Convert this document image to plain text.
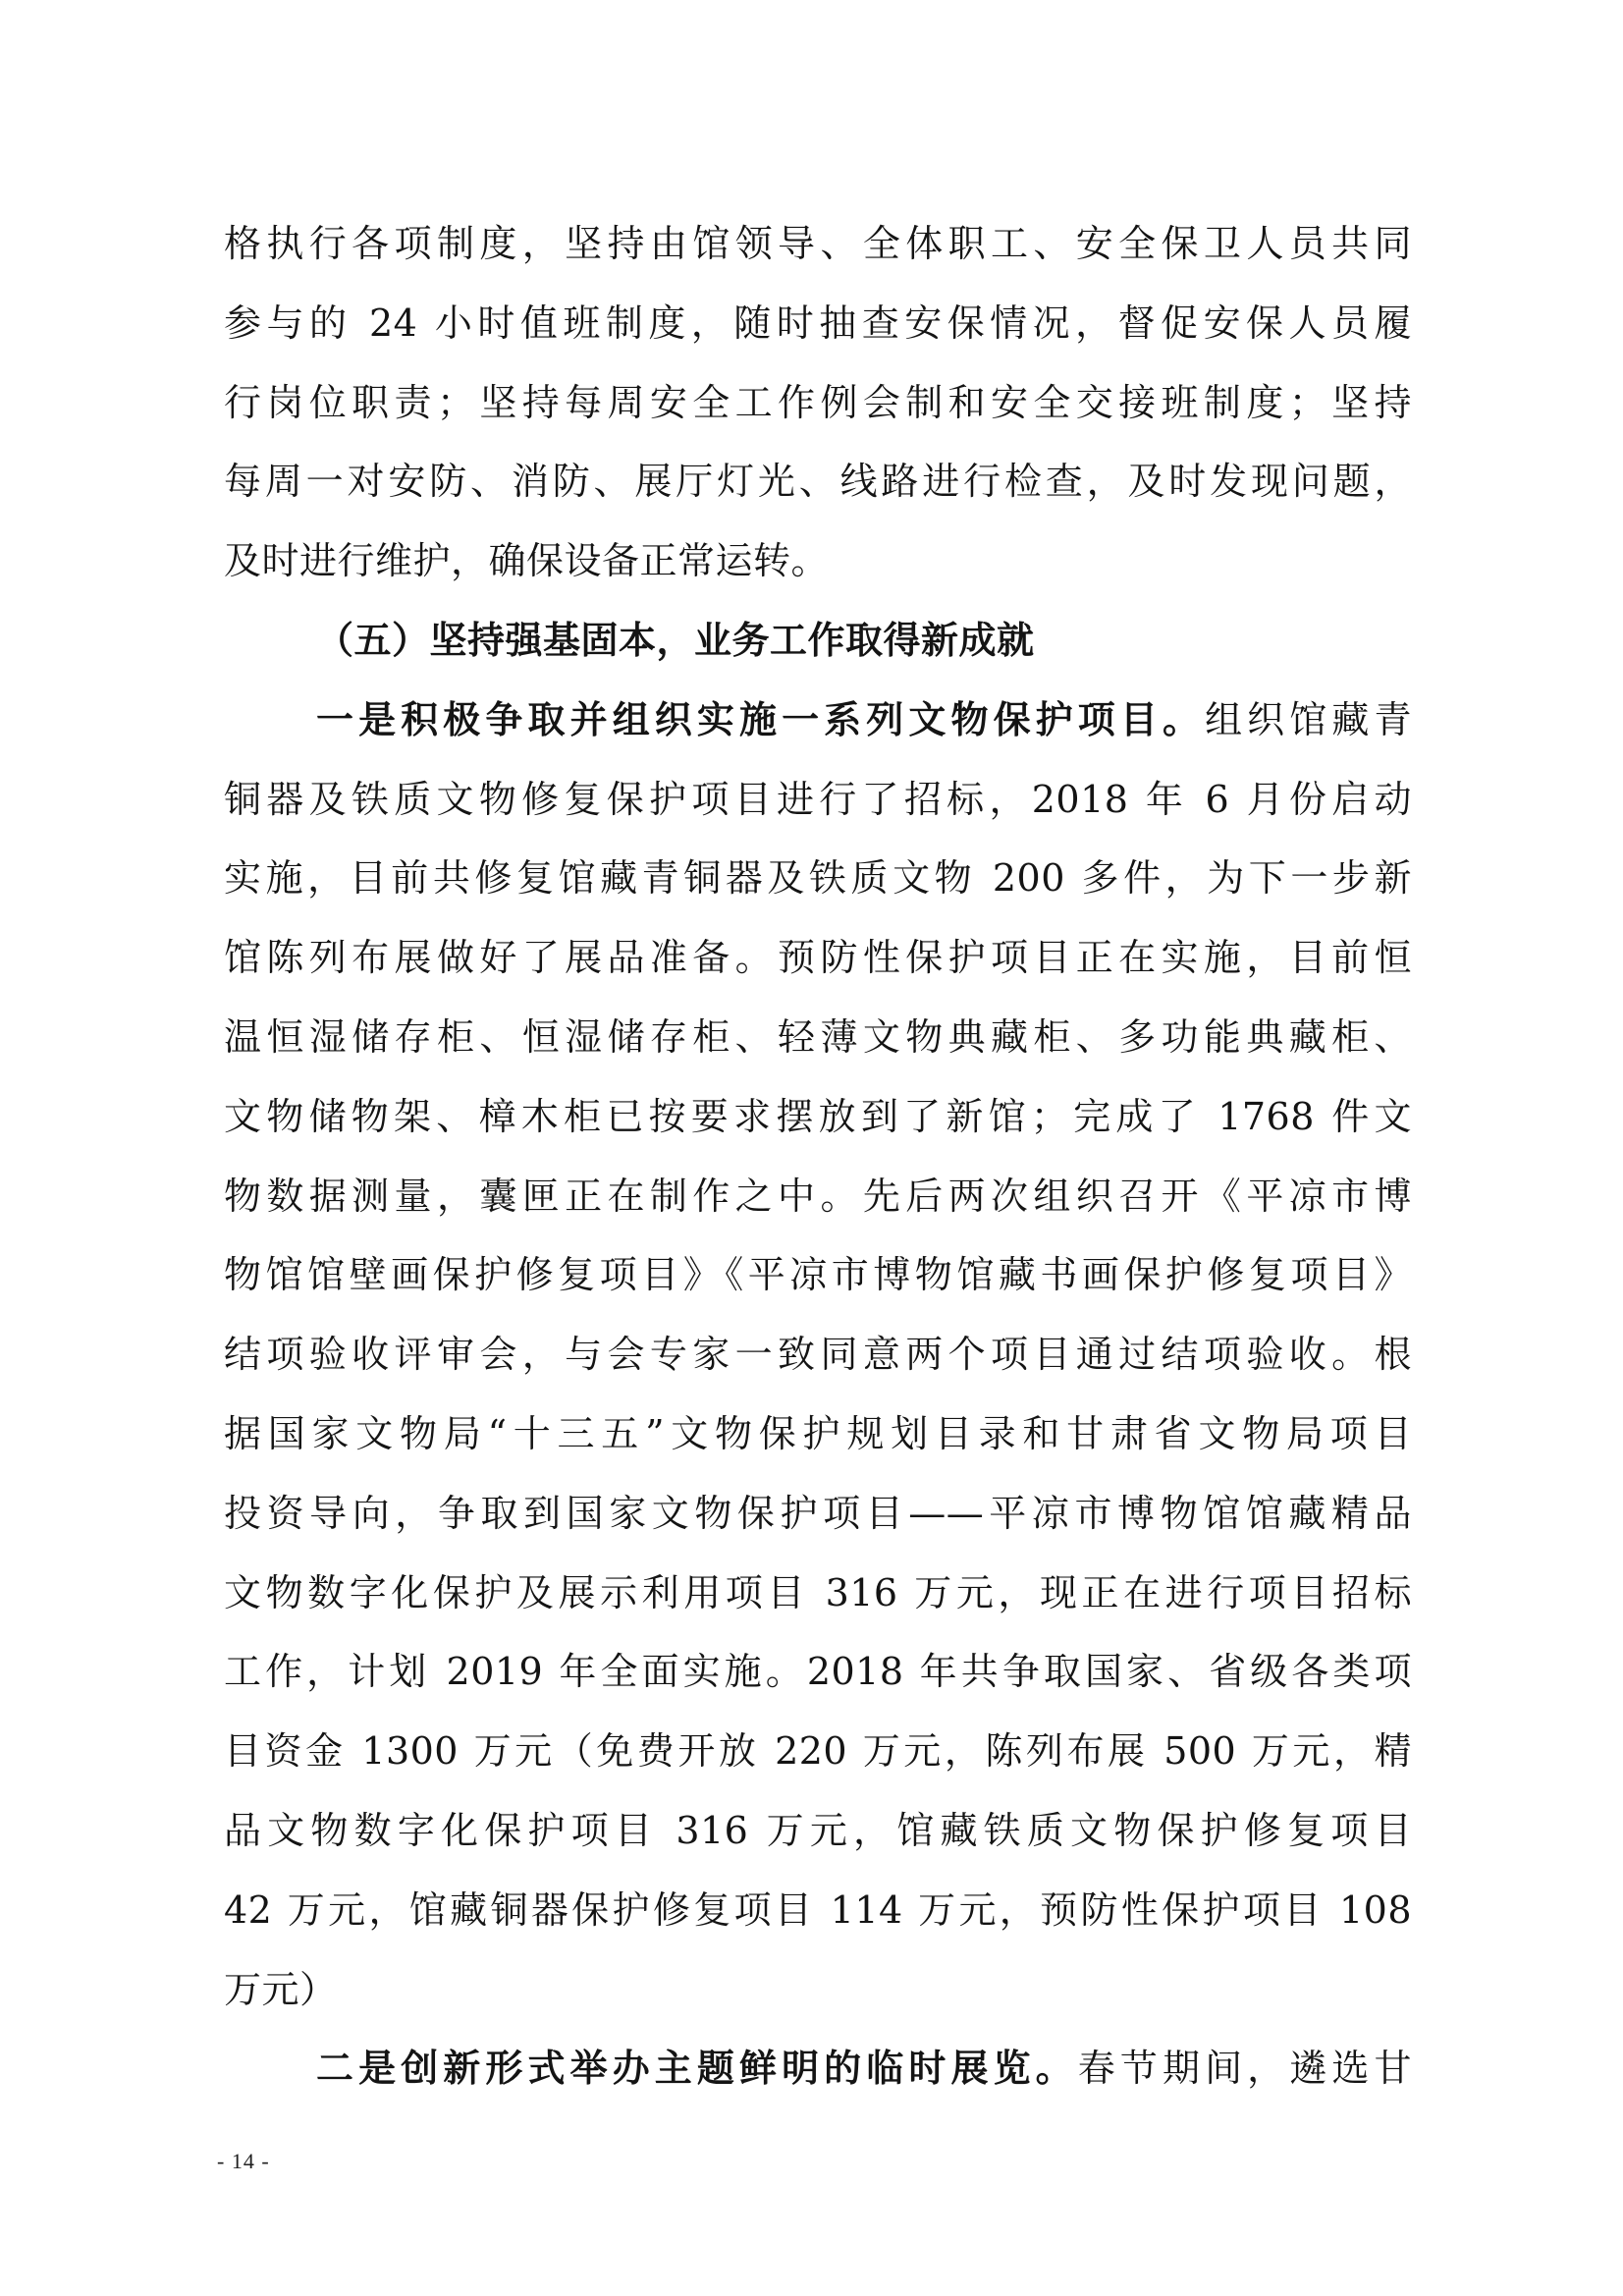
格执行各项制度，坚持由馆领导、全体职工、安全保卫人员共同
参与的 24 小时值班制度，随时抽查安保情况，督促安保人员履
行岗位职责；坚持每周安全工作例会制和安全交接班制度；坚持
每周一对安防、消防、展厅灯光、线路进行检查，及时发现问题，
及时进行维护，确保设备正常运转。
（五）坚持强基固本，业务工作取得新成就
一是积极争取并组织实施一系列文物保护项目。组织馆藏青
铜器及铁质文物修复保护项目进行了招标，2018 年 6 月份启动
实施，目前共修复馆藏青铜器及铁质文物 200 多件，为下一步新
馆陈列布展做好了展品准备。预防性保护项目正在实施，目前恒
温恒湿储存柜、恒湿储存柜、轻薄文物典藏柜、多功能典藏柜、
文物储物架、樟木柜已按要求摆放到了新馆；完成了 1768 件文
物数据测量，囊匣正在制作之中。先后两次组织召开《平凉市博
物馆馆壁画保护修复项目》《平凉市博物馆藏书画保护修复项目》
结项验收评审会，与会专家一致同意两个项目通过结项验收。根
据国家文物局“十三五”文物保护规划目录和甘肃省文物局项目
投资导向，争取到国家文物保护项目——平凉市博物馆馆藏精品
文物数字化保护及展示利用项目 316 万元，现正在进行项目招标
工作，计划 2019 年全面实施。2018 年共争取国家、省级各类项
目资金 1300 万元（免费开放 220 万元，陈列布展 500 万元，精
品文物数字化保护项目 316 万元，馆藏铁质文物保护修复项目
42 万元，馆藏铜器保护修复项目 114 万元，预防性保护项目 108
万元）
二是创新形式举办主题鲜明的临时展览。春节期间，遴选甘
- 14 -
